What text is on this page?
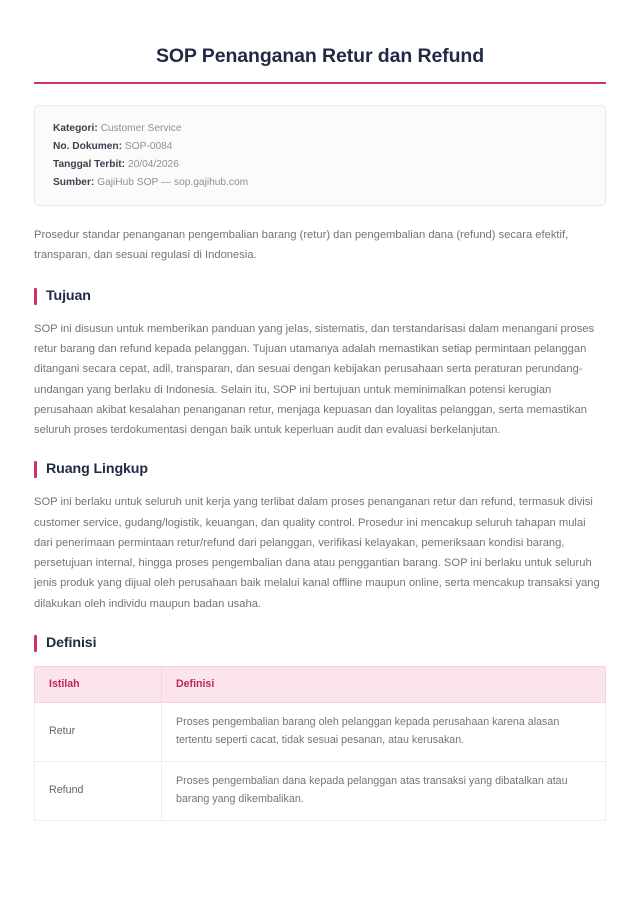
SOP Penanganan Retur dan Refund
Kategori: Customer Service
No. Dokumen: SOP-0084
Tanggal Terbit: 20/04/2026
Sumber: GajiHub SOP — sop.gajihub.com

Prosedur standar penanganan pengembalian barang (retur) dan pengembalian dana (refund) secara efektif, transparan, dan sesuai regulasi di Indonesia.

Tujuan

SOP ini disusun untuk memberikan panduan yang jelas, sistematis, dan terstandarisasi dalam menangani proses retur barang dan refund kepada pelanggan. Tujuan utamanya adalah memastikan setiap permintaan pelanggan ditangani secara cepat, adil, transparan, dan sesuai dengan kebijakan perusahaan serta peraturan perundang-undangan yang berlaku di Indonesia. Selain itu, SOP ini bertujuan untuk meminimalkan potensi kerugian perusahaan akibat kesalahan penanganan retur, menjaga kepuasan dan loyalitas pelanggan, serta memastikan seluruh proses terdokumentasi dengan baik untuk keperluan audit dan evaluasi berkelanjutan.

Ruang Lingkup

SOP ini berlaku untuk seluruh unit kerja yang terlibat dalam proses penanganan retur dan refund, termasuk divisi customer service, gudang/logistik, keuangan, dan quality control. Prosedur ini mencakup seluruh tahapan mulai dari penerimaan permintaan retur/refund dari pelanggan, verifikasi kelayakan, pemeriksaan kondisi barang, persetujuan internal, hingga proses pengembalian dana atau penggantian barang. SOP ini berlaku untuk seluruh jenis produk yang dijual oleh perusahaan baik melalui kanal offline maupun online, serta mencakup transaksi yang dilakukan oleh individu maupun badan usaha.

Definisi
Istilah	Definisi
Retur	Proses pengembalian barang oleh pelanggan kepada perusahaan karena alasan tertentu seperti cacat, tidak sesuai pesanan, atau kerusakan.
Refund	Proses pengembalian dana kepada pelanggan atas transaksi yang dibatalkan atau barang yang dikembalikan.
